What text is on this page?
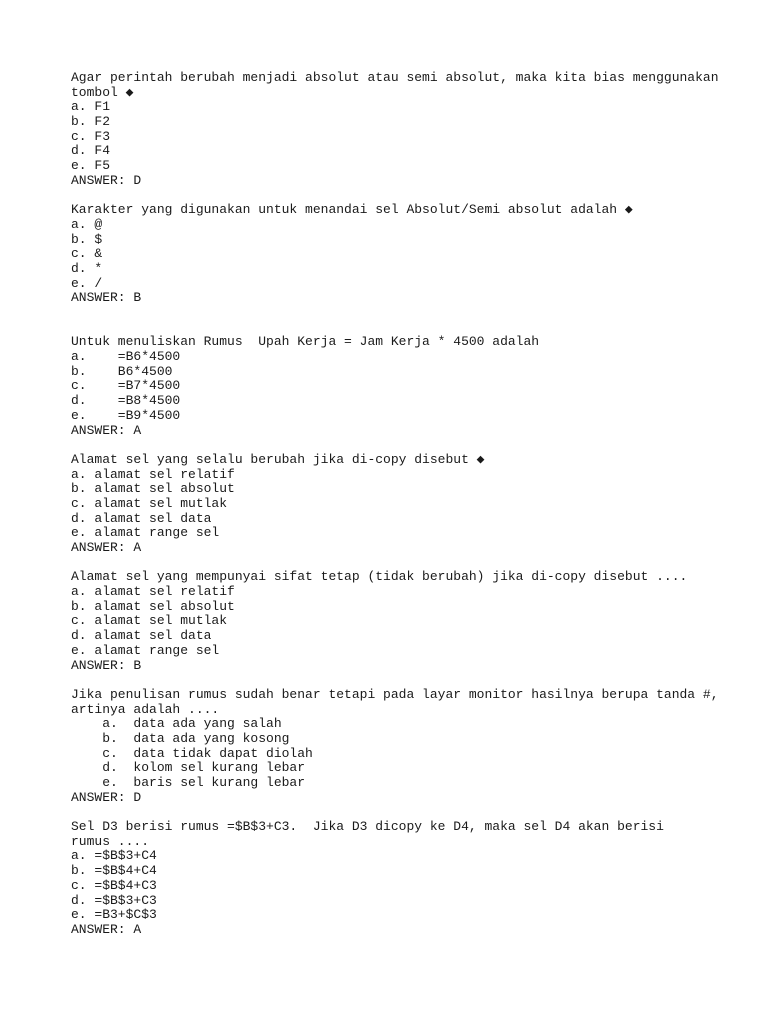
Agar perintah berubah menjadi absolut atau semi absolut, maka kita bias menggunakan
tombol ◆
a. F1
b. F2
c. F3
d. F4
e. F5
ANSWER: D
Karakter yang digunakan untuk menandai sel Absolut/Semi absolut adalah ◆
a. @
b. $
c. &
d. *
e. /
ANSWER: B
Untuk menuliskan Rumus  Upah Kerja = Jam Kerja * 4500 adalah
a.    =B6*4500
b.    B6*4500
c.    =B7*4500
d.    =B8*4500
e.    =B9*4500
ANSWER: A
Alamat sel yang selalu berubah jika di-copy disebut ◆
a. alamat sel relatif
b. alamat sel absolut
c. alamat sel mutlak
d. alamat sel data
e. alamat range sel
ANSWER: A
Alamat sel yang mempunyai sifat tetap (tidak berubah) jika di-copy disebut ....
a. alamat sel relatif
b. alamat sel absolut
c. alamat sel mutlak
d. alamat sel data
e. alamat range sel
ANSWER: B
Jika penulisan rumus sudah benar tetapi pada layar monitor hasilnya berupa tanda #,
artinya adalah ....
a.  data ada yang salah
b.  data ada yang kosong
c.  data tidak dapat diolah
d.  kolom sel kurang lebar
e.  baris sel kurang lebar
ANSWER: D
Sel D3 berisi rumus =$B$3+C3.  Jika D3 dicopy ke D4, maka sel D4 akan berisi
rumus ....
a. =$B$3+C4
b. =$B$4+C4
c. =$B$4+C3
d. =$B$3+C3
e. =B3+$C$3
ANSWER: A
